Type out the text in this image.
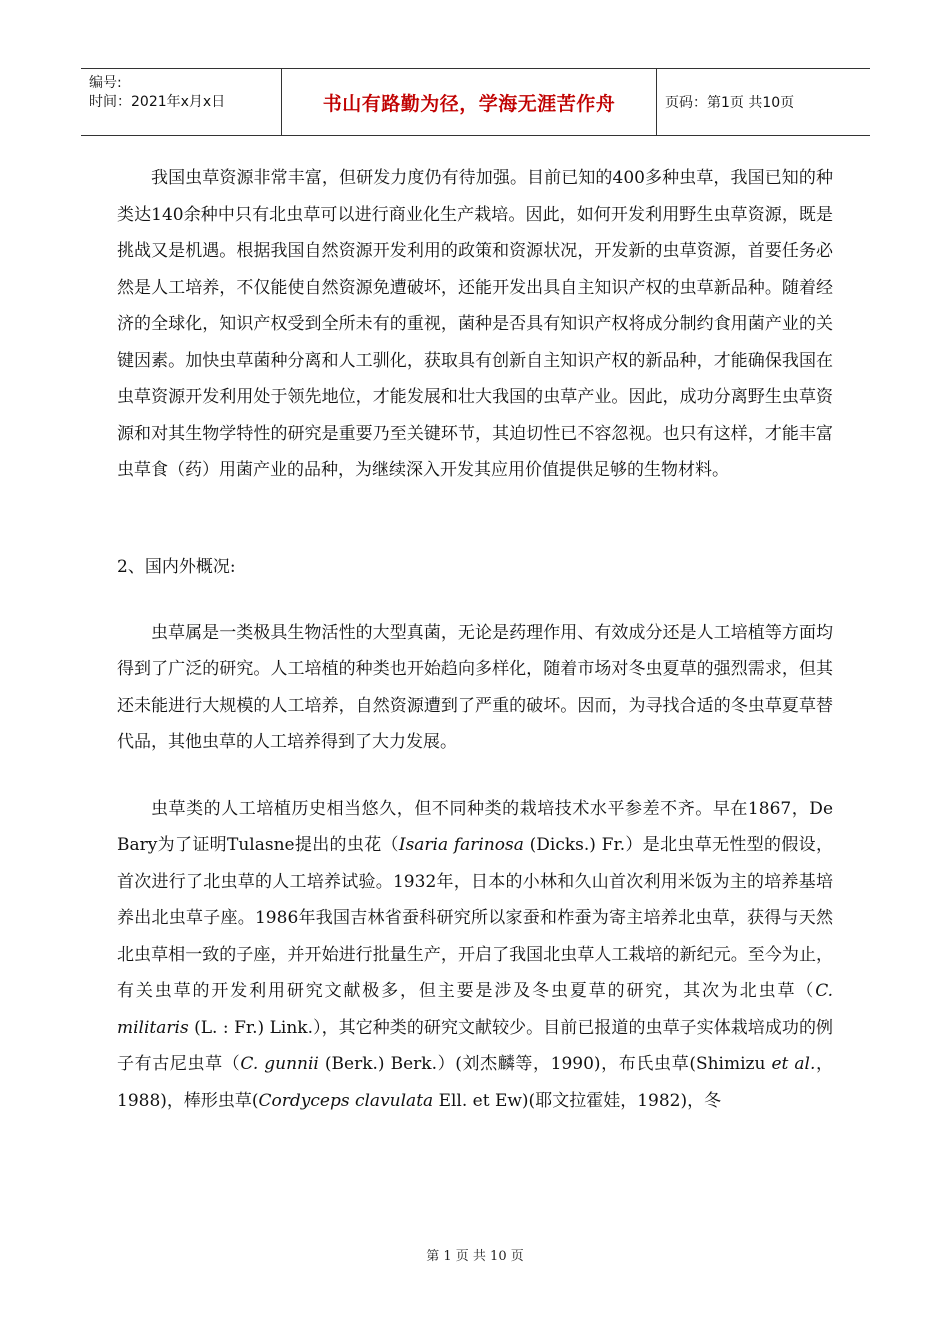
编号:
时间：2021年x月x日	书山有路勤为径，学海无涯苦作舟	页码：第1页 共10页

我国虫草资源非常丰富，但研发力度仍有待加强。目前已知的400多种虫草，我国已知的种类达140余种中只有北虫草可以进行商业化生产栽培。因此，如何开发利用野生虫草资源，既是挑战又是机遇。根据我国自然资源开发利用的政策和资源状况，开发新的虫草资源，首要任务必然是人工培养，不仅能使自然资源免遭破坏，还能开发出具自主知识产权的虫草新品种。随着经济的全球化，知识产权受到全所未有的重视，菌种是否具有知识产权将成分制约食用菌产业的关键因素。加快虫草菌种分离和人工驯化，获取具有创新自主知识产权的新品种，才能确保我国在虫草资源开发利用处于领先地位，才能发展和壮大我国的虫草产业。因此，成功分离野生虫草资源和对其生物学特性的研究是重要乃至关键环节，其迫切性已不容忽视。也只有这样，才能丰富虫草食（药）用菌产业的品种，为继续深入开发其应用价值提供足够的生物材料。

2、国内外概况:

虫草属是一类极具生物活性的大型真菌，无论是药理作用、有效成分还是人工培植等方面均得到了广泛的研究。人工培植的种类也开始趋向多样化，随着市场对冬虫夏草的强烈需求，但其还未能进行大规模的人工培养，自然资源遭到了严重的破坏。因而，为寻找合适的冬虫草夏草替代品，其他虫草的人工培养得到了大力发展。

虫草类的人工培植历史相当悠久，但不同种类的栽培技术水平参差不齐。早在1867，De Bary为了证明Tulasne提出的虫花（Isaria farinosa (Dicks.) Fr.）是北虫草无性型的假设，首次进行了北虫草的人工培养试验。1932年，日本的小林和久山首次利用米饭为主的培养基培养出北虫草子座。1986年我国吉林省蚕科研究所以家蚕和柞蚕为寄主培养北虫草，获得与天然北虫草相一致的子座，并开始进行批量生产，开启了我国北虫草人工栽培的新纪元。至今为止，有关虫草的开发利用研究文献极多，但主要是涉及冬虫夏草的研究，其次为北虫草（C. militaris (L. : Fr.) Link.），其它种类的研究文献较少。目前已报道的虫草子实体栽培成功的例子有古尼虫草（C. gunnii (Berk.) Berk.）(刘杰麟等，1990)，布氏虫草(Shimizu et al.，1988)，棒形虫草(Cordyceps clavulata Ell. et Ew)(耶文拉霍娃，1982)，冬

第 1 页 共 10 页
